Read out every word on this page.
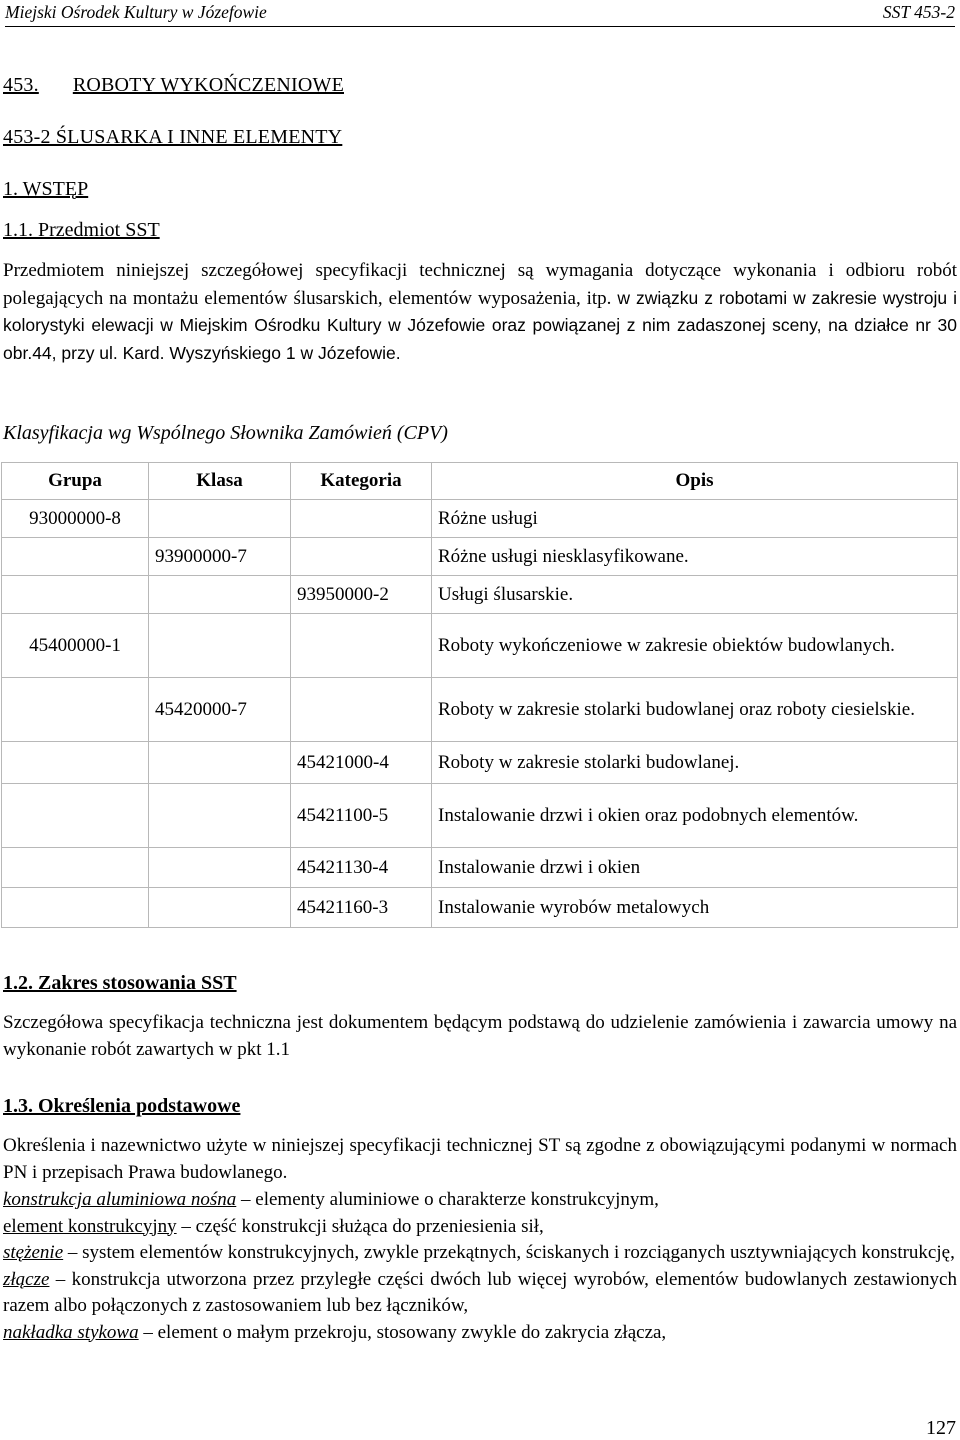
Miejski Ośrodek Kultury w Józefowie	SST 453-2
453. ROBOTY WYKOŃCZENIOWE
453-2 ŚLUSARKA I INNE ELEMENTY
1. WSTĘP
1.1. Przedmiot SST
Przedmiotem niniejszej szczegółowej specyfikacji technicznej są wymagania dotyczące wykonania i odbioru robót polegających na montażu elementów ślusarskich, elementów wyposażenia, itp. w związku z robotami w zakresie wystroju i kolorystyki elewacji w Miejskim Ośrodku Kultury w Józefowie oraz powiązanej z nim zadaszonej sceny, na działce nr 30 obr.44, przy ul. Kard. Wyszyńskiego 1 w Józefowie.
Klasyfikacja wg Wspólnego Słownika Zamówień (CPV)
Grupa	Klasa	Kategoria	Opis
93000000-8			Różne usługi
	93900000-7		Różne usługi niesklasyfikowane.
		93950000-2	Usługi ślusarskie.
45400000-1			Roboty wykończeniowe w zakresie obiektów budowlanych.
	45420000-7		Roboty w zakresie stolarki budowlanej oraz roboty ciesielskie.
		45421000-4	Roboty w zakresie stolarki budowlanej.
		45421100-5	Instalowanie drzwi i okien oraz podobnych elementów.
		45421130-4	Instalowanie drzwi i okien
		45421160-3	Instalowanie wyrobów metalowych
1.2. Zakres stosowania SST
Szczegółowa specyfikacja techniczna jest dokumentem będącym podstawą do udzielenie zamówienia i zawarcia umowy na wykonanie robót zawartych w pkt 1.1
1.3. Określenia podstawowe
Określenia i nazewnictwo użyte w niniejszej specyfikacji technicznej ST są zgodne z obowiązującymi podanymi w normach PN i przepisach Prawa budowlanego.
konstrukcja aluminiowa nośna – elementy aluminiowe o charakterze konstrukcyjnym,
element konstrukcyjny – część konstrukcji służąca do przeniesienia sił,
stężenie – system elementów konstrukcyjnych, zwykle przekątnych, ściskanych i rozciąganych usztywniających konstrukcję,
złącze – konstrukcja utworzona przez przyległe części dwóch lub więcej wyrobów, elementów budowlanych zestawionych razem albo połączonych z zastosowaniem lub bez łączników,
nakładka stykowa – element o małym przekroju, stosowany zwykle do zakrycia złącza,
127
